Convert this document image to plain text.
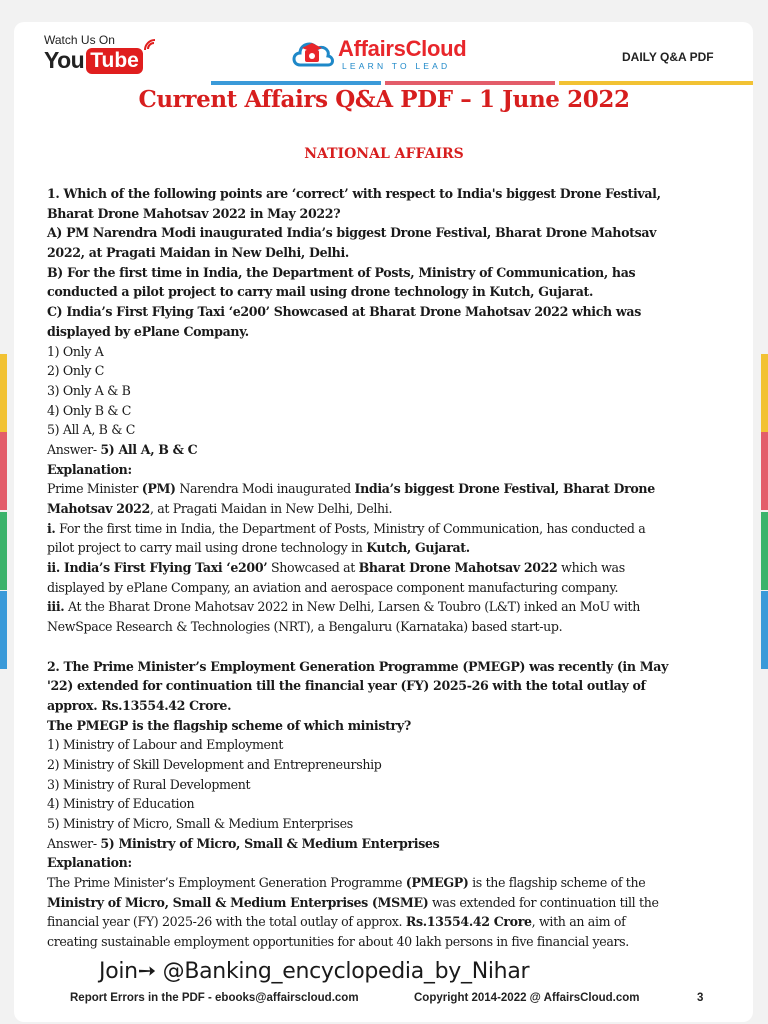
Watch Us On
You Tube	AffairsCloud
LEARN TO LEAD
DAILY Q&A PDF
Current Affairs Q&A PDF – 1 June 2022
NATIONAL AFFAIRS
1. Which of the following points are ‘correct’ with respect to India's biggest Drone Festival,
Bharat Drone Mahotsav 2022 in May 2022?
A) PM Narendra Modi inaugurated India’s biggest Drone Festival, Bharat Drone Mahotsav
2022, at Pragati Maidan in New Delhi, Delhi.
B) For the first time in India, the Department of Posts, Ministry of Communication, has
conducted a pilot project to carry mail using drone technology in Kutch, Gujarat.
C) India’s First Flying Taxi ‘e200’ Showcased at Bharat Drone Mahotsav 2022 which was
displayed by ePlane Company.
1) Only A
2) Only C
3) Only A & B
4) Only B & C
5) All A, B & C
Answer- 5) All A, B & C
Explanation:
Prime Minister (PM) Narendra Modi inaugurated India’s biggest Drone Festival, Bharat Drone
Mahotsav 2022, at Pragati Maidan in New Delhi, Delhi.
i. For the first time in India, the Department of Posts, Ministry of Communication, has conducted a
pilot project to carry mail using drone technology in Kutch, Gujarat.
ii. India’s First Flying Taxi ‘e200’ Showcased at Bharat Drone Mahotsav 2022 which was
displayed by ePlane Company, an aviation and aerospace component manufacturing company.
iii. At the Bharat Drone Mahotsav 2022 in New Delhi, Larsen & Toubro (L&T) inked an MoU with
NewSpace Research & Technologies (NRT), a Bengaluru (Karnataka) based start-up.
2. The Prime Minister’s Employment Generation Programme (PMEGP) was recently (in May
'22) extended for continuation till the financial year (FY) 2025-26 with the total outlay of
approx. Rs.13554.42 Crore.
The PMEGP is the flagship scheme of which ministry?
1) Ministry of Labour and Employment
2) Ministry of Skill Development and Entrepreneurship
3) Ministry of Rural Development
4) Ministry of Education
5) Ministry of Micro, Small & Medium Enterprises
Answer- 5) Ministry of Micro, Small & Medium Enterprises
Explanation:
The Prime Minister’s Employment Generation Programme (PMEGP) is the flagship scheme of the
Ministry of Micro, Small & Medium Enterprises (MSME) was extended for continuation till the
financial year (FY) 2025-26 with the total outlay of approx. Rs.13554.42 Crore, with an aim of
creating sustainable employment opportunities for about 40 lakh persons in five financial years.
Join➙ @Banking_encyclopedia_by_Nihar
Report Errors in the PDF - ebooks@affairscloud.com	Copyright 2014-2022 @ AffairsCloud.com	3
